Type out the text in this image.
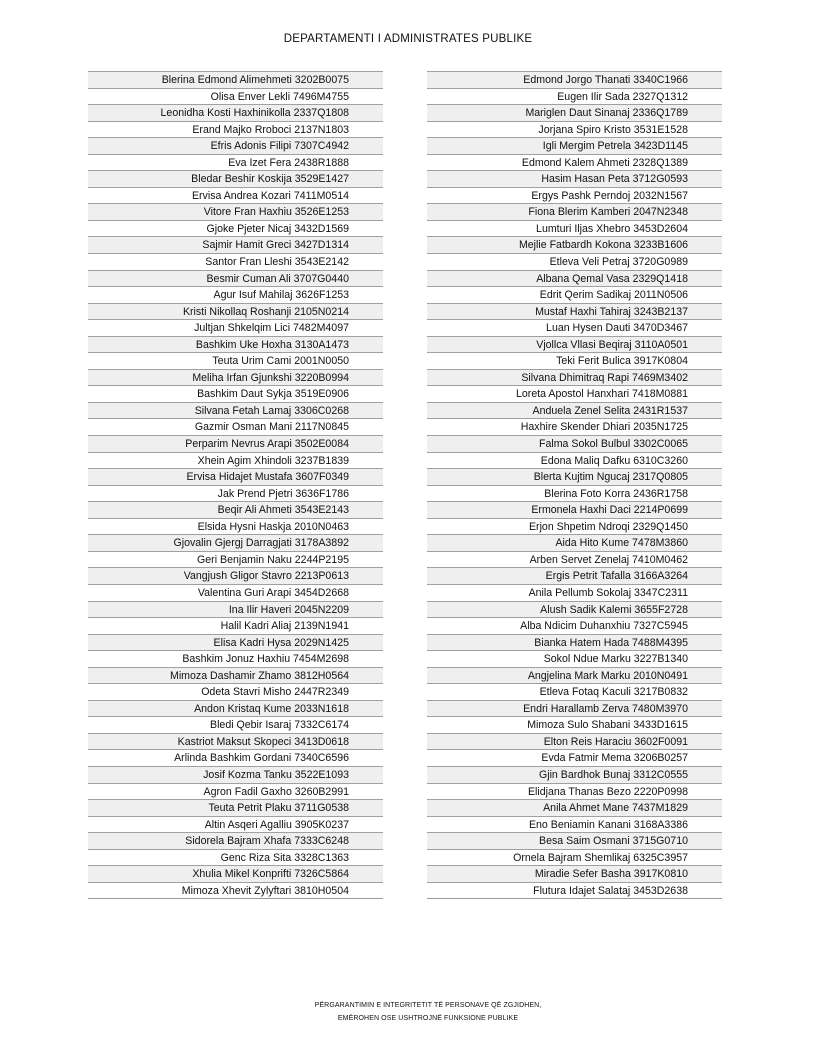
DEPARTAMENTI I ADMINISTRATES PUBLIKE
Blerina Edmond Alimehmeti 3202B0075
Olisa Enver Lekli 7496M4755
Leonidha Kosti Haxhinikolla 2337Q1808
Erand Majko Rroboci 2137N1803
Efris Adonis Filipi 7307C4942
Eva Izet Fera 2438R1888
Bledar Beshir Koskija 3529E1427
Ervisa Andrea Kozari 7411M0514
Vitore Fran Haxhiu 3526E1253
Gjoke Pjeter Nicaj 3432D1569
Sajmir Hamit Greci 3427D1314
Santor Fran Lleshi 3543E2142
Besmir Cuman Ali 3707G0440
Agur Isuf Mahilaj 3626F1253
Kristi Nikollaq Roshanji 2105N0214
Jultjan Shkelqim Lici 7482M4097
Bashkim Uke Hoxha 3130A1473
Teuta Urim Cami 2001N0050
Meliha Irfan Gjunkshi 3220B0994
Bashkim Daut Sykja 3519E0906
Silvana Fetah Lamaj 3306C0268
Gazmir Osman Mani 2117N0845
Perparim Nevrus Arapi 3502E0084
Xhein Agim Xhindoli 3237B1839
Ervisa Hidajet Mustafa 3607F0349
Jak Prend Pjetri 3636F1786
Beqir Ali Ahmeti 3543E2143
Elsida Hysni Haskja 2010N0463
Gjovalin Gjergj Darragjati 3178A3892
Geri Benjamin Naku 2244P2195
Vangjush Gligor Stavro 2213P0613
Valentina Guri Arapi 3454D2668
Ina Ilir Haveri 2045N2209
Halil Kadri Aliaj 2139N1941
Elisa Kadri Hysa 2029N1425
Bashkim Jonuz Haxhiu 7454M2698
Mimoza Dashamir Zhamo 3812H0564
Odeta Stavri Misho 2447R2349
Andon Kristaq Kume 2033N1618
Bledi Qebir Isaraj 7332C6174
Kastriot Maksut Skopeci 3413D0618
Arlinda Bashkim Gordani 7340C6596
Josif Kozma Tanku 3522E1093
Agron Fadil Gaxho 3260B2991
Teuta Petrit Plaku 3711G0538
Altin Asqeri Agalliu 3905K0237
Sidorela Bajram Xhafa 7333C6248
Genc Riza Sita 3328C1363
Xhulia Mikel Konprifti 7326C5864
Mimoza Xhevit Zylyftari 3810H0504
Edmond Jorgo Thanati 3340C1966
Eugen Ilir Sada 2327Q1312
Mariglen Daut Sinanaj 2336Q1789
Jorjana Spiro Kristo 3531E1528
Igli Mergim Petrela 3423D1145
Edmond Kalem Ahmeti 2328Q1389
Hasim Hasan Peta 3712G0593
Ergys Pashk Perndoj 2032N1567
Fiona Blerim Kamberi 2047N2348
Lumturi Iljas Xhebro 3453D2604
Mejlie Fatbardh Kokona 3233B1606
Etleva Veli Petraj 3720G0989
Albana Qemal Vasa 2329Q1418
Edrit Qerim Sadikaj 2011N0506
Mustaf Haxhi Tahiraj 3243B2137
Luan Hysen Dauti 3470D3467
Vjollca Vllasi Beqiraj 3110A0501
Teki Ferit Bulica 3917K0804
Silvana Dhimitraq Rapi 7469M3402
Loreta Apostol Hanxhari 7418M0881
Anduela Zenel Selita 2431R1537
Haxhire Skender Dhiari 2035N1725
Falma Sokol Bulbul 3302C0065
Edona Maliq Dafku 6310C3260
Blerta Kujtim Ngucaj 2317Q0805
Blerina Foto Korra 2436R1758
Ermonela Haxhi Daci 2214P0699
Erjon Shpetim Ndroqi 2329Q1450
Aida Hito Kume 7478M3860
Arben Servet Zenelaj 7410M0462
Ergis Petrit Tafalla 3166A3264
Anila Pellumb Sokolaj 3347C2311
Alush Sadik Kalemi 3655F2728
Alba Ndicim Duhanxhiu 7327C5945
Bianka Hatem Hada 7488M4395
Sokol Ndue Marku 3227B1340
Angjelina Mark Marku 2010N0491
Etleva Fotaq Kaculi 3217B0832
Endri Harallamb Zerva 7480M3970
Mimoza Sulo Shabani 3433D1615
Elton Reis Haraciu 3602F0091
Evda Fatmir Mema 3206B0257
Gjin Bardhok Bunaj 3312C0555
Elidjana Thanas Bezo 2220P0998
Anila Ahmet Mane 7437M1829
Eno Beniamin Kanani 3168A3386
Besa Saim Osmani 3715G0710
Ornela Bajram Shemlikaj 6325C3957
Miradie Sefer Basha 3917K0810
Flutura Idajet Salataj 3453D2638
PËRGARANTIMIN E INTEGRITETIT TË PERSONAVE QË ZGJIDHEN,
EMËROHEN OSE USHTROJNË FUNKSIONE PUBLIKE
